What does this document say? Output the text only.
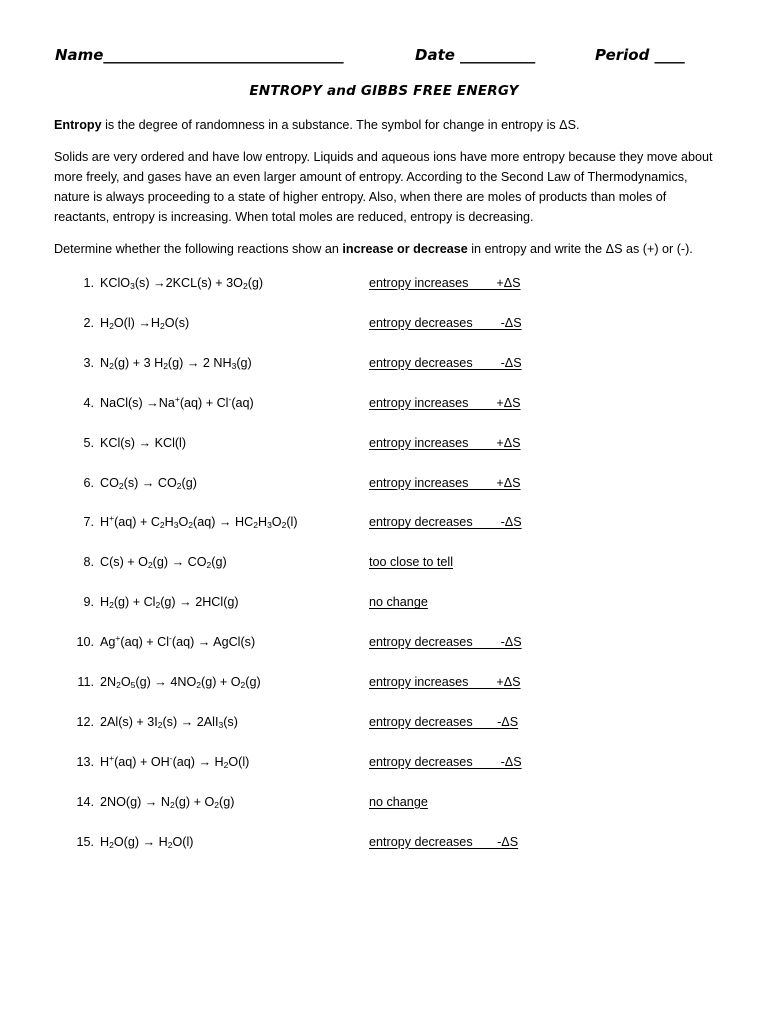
Name________________________________	Date __________	Period ____
ENTROPY and GIBBS FREE ENERGY
Entropy is the degree of randomness in a substance. The symbol for change in entropy is ΔS.
Solids are very ordered and have low entropy. Liquids and aqueous ions have more entropy because they move about more freely, and gases have an even larger amount of entropy. According to the Second Law of Thermodynamics, nature is always proceeding to a state of higher entropy. Also, when there are moles of products than moles of reactants, entropy is increasing. When total moles are reduced, entropy is decreasing.
Determine whether the following reactions show an increase or decrease in entropy and write the ΔS as (+) or (-).
1. KClO$_3$(s) $\to 2KCL(s) + 3O_2(g)$	entropy increases        +ΔS
2. $H_2O(l) \to H_2O(s)$	entropy decreases        -ΔS
3. $N_2(g) + 3$ $H_2(g) \to 2$ $NH_3(g)$	entropy decreases        -ΔS
4. NaCl(s) →Na+(aq) + Cl-(aq)	entropy increases        +ΔS
5. KCl(s) → KCl(l)	entropy increases        +ΔS
6. $CO_2(s) \to CO_2(g)$	entropy increases        +ΔS
7. $H^+(aq) + C_2H_3O_2(aq) \to HC_2H_3O_2(l)$	entropy decreases        -ΔS
8. $C(s) + O_2(g) \to CO_2(g)$	too close to tell
9. $H_2(g) + Cl_2(g) \to 2HCl(g)$	no change
10. Ag+(aq) + Cl-(aq) → AgCl(s)	entropy decreases        -ΔS
11. $2N_2O_5(g) \to 4NO_2(g) + O_2(g)$	entropy increases        +ΔS
12. $2Al(s) + 3I_2(s) \to 2AlI_3(s)$	entropy decreases       -ΔS
13. $H^+(aq) + OH^-(aq) \to H_2O(l)$	entropy decreases        -ΔS
14. $2NO(g) \to N_2(g) + O_2(g)$	no change
15. $H_2O(g) \to H_2O(l)$	entropy decreases       -ΔS
